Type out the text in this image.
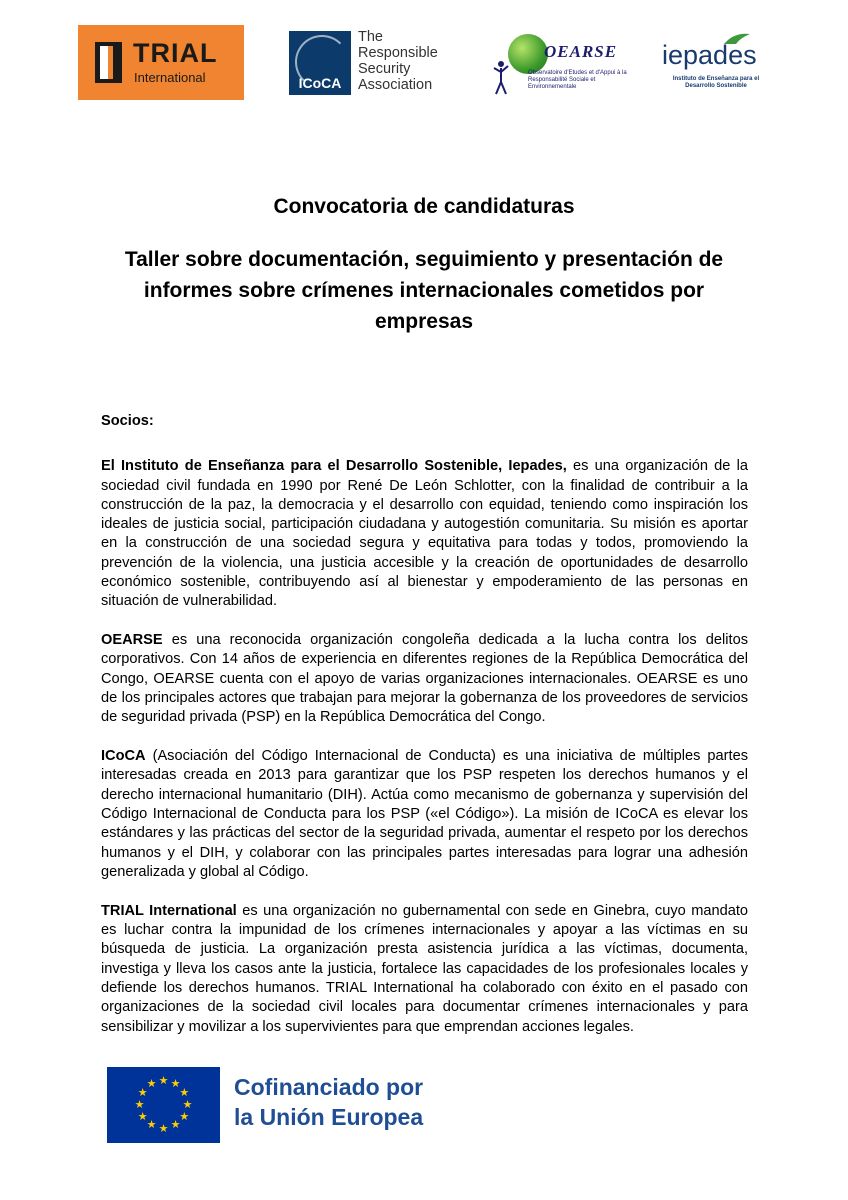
TRIAL
International	ICoCA
The
Responsible
Security
Association
OEARSE
Observatoire d'Etudes et d'Appui à la Responsabilité Sociale et Environnementale
iepades
Instituto de Enseñanza para el Desarrollo Sostenible
Convocatoria de candidaturas
Taller sobre documentación, seguimiento y presentación de informes sobre crímenes internacionales cometidos por empresas

Socios:

El Instituto de Enseñanza para el Desarrollo Sostenible, Iepades, es una organización de la sociedad civil fundada en 1990 por René De León Schlotter, con la finalidad de contribuir a la construcción de la paz, la democracia y el desarrollo con equidad, teniendo como inspiración los ideales de justicia social, participación ciudadana y autogestión comunitaria. Su misión es aportar en la construcción de una sociedad segura y equitativa para todas y todos, promoviendo la prevención de la violencia, una justicia accesible y la creación de oportunidades de desarrollo económico sostenible, contribuyendo así al bienestar y empoderamiento de las personas en situación de vulnerabilidad.

OEARSE es una reconocida organización congoleña dedicada a la lucha contra los delitos corporativos. Con 14 años de experiencia en diferentes regiones de la República Democrática del Congo, OEARSE cuenta con el apoyo de varias organizaciones internacionales. OEARSE es uno de los principales actores que trabajan para mejorar la gobernanza de los proveedores de servicios de seguridad privada (PSP) en la República Democrática del Congo.

ICoCA (Asociación del Código Internacional de Conducta) es una iniciativa de múltiples partes interesadas creada en 2013 para garantizar que los PSP respeten los derechos humanos y el derecho internacional humanitario (DIH). Actúa como mecanismo de gobernanza y supervisión del Código Internacional de Conducta para los PSP («el Código»). La misión de ICoCA es elevar los estándares y las prácticas del sector de la seguridad privada, aumentar el respeto por los derechos humanos y el DIH, y colaborar con las principales partes interesadas para lograr una adhesión generalizada y global al Código.

TRIAL International es una organización no gubernamental con sede en Ginebra, cuyo mandato es luchar contra la impunidad de los crímenes internacionales y apoyar a las víctimas en su búsqueda de justicia. La organización presta asistencia jurídica a las víctimas, documenta, investiga y lleva los casos ante la justicia, fortalece las capacidades de los profesionales locales y defiende los derechos humanos. TRIAL International ha colaborado con éxito en el pasado con organizaciones de la sociedad civil locales para documentar crímenes internacionales y para sensibilizar y movilizar a los supervivientes para que emprendan acciones legales.

★ ★
★
★
★
★
★
★
★
★
★
★	Cofinanciado por
la Unión Europea
